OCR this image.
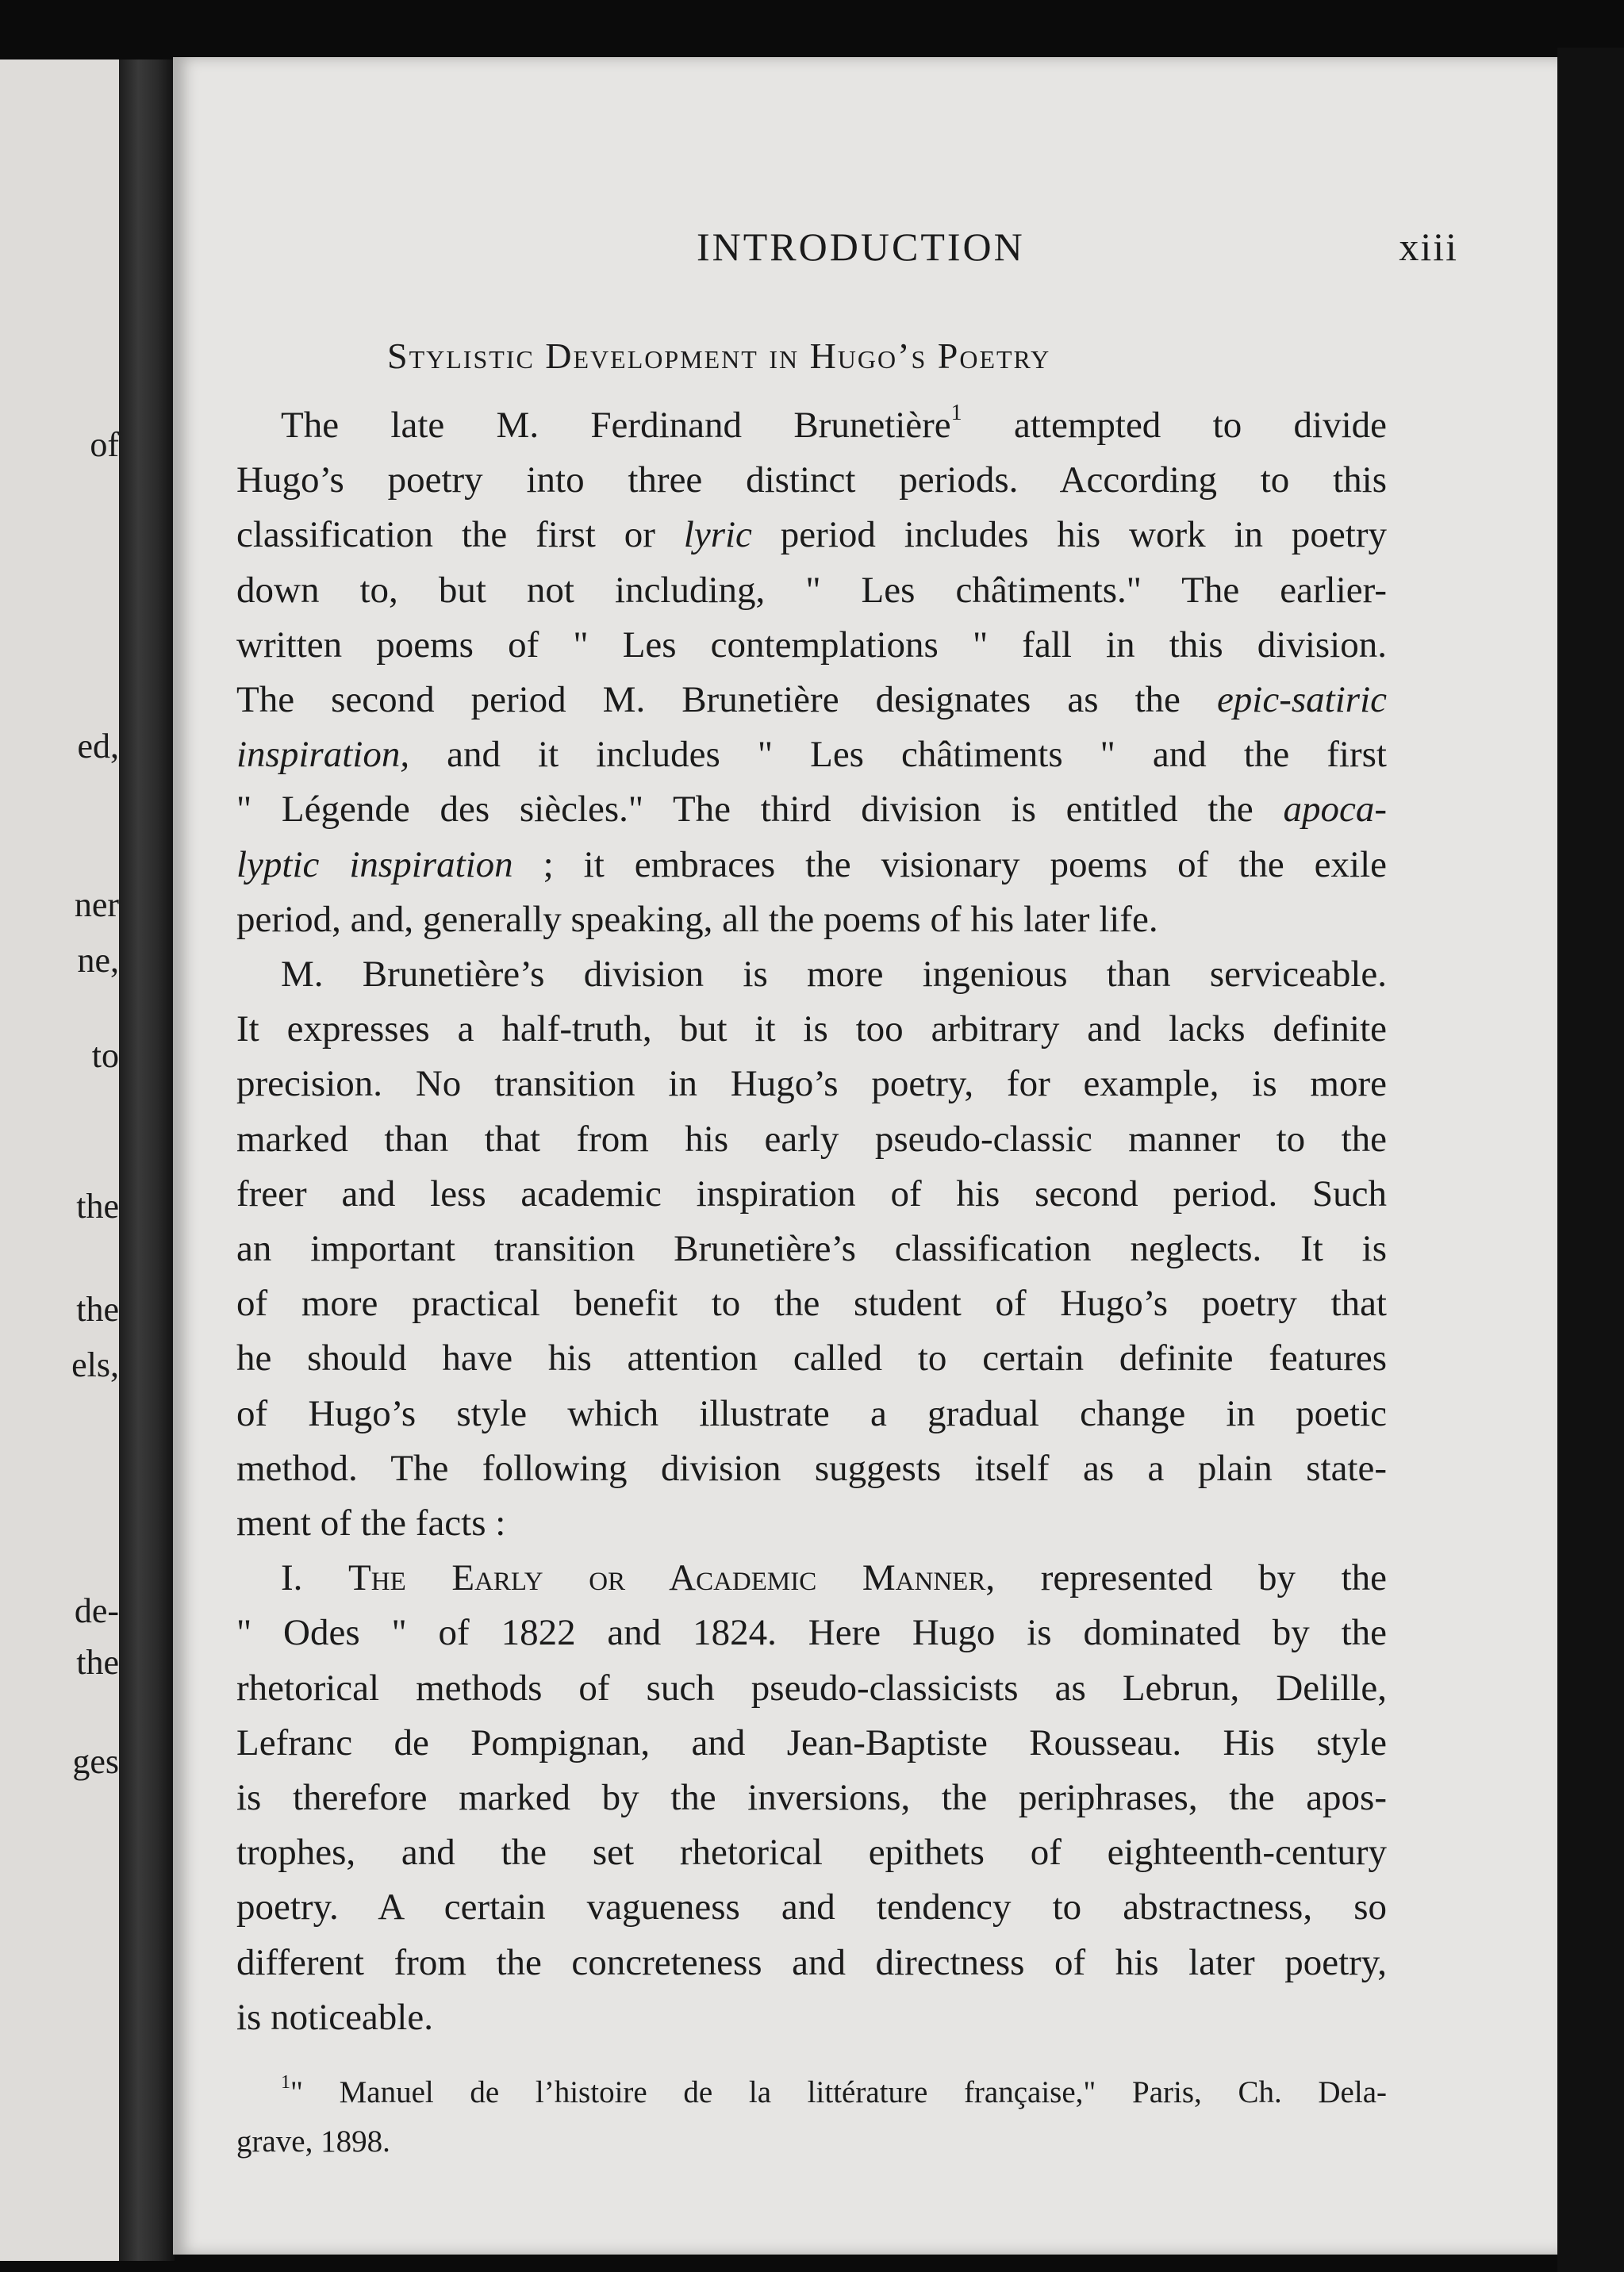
of
ed,
ner
ne,
to
the
the
els,
de-
the
ges
INTRODUCTION	xiii
Stylistic Development in Hugo’s Poetry
The late M. Ferdinand Brunetière$^1$ attempted to divide
Hugo’s poetry into three distinct periods. According to this
classification the first or lyric period includes his work in poetry
down to, but not including, " Les châtiments." The earlier-
written poems of " Les contemplations " fall in this division.
The second period M. Brunetière designates as the epic-satiric
inspiration, and it includes " Les châtiments " and the first
" Légende des siècles." The third division is entitled the apoca-
lyptic inspiration ; it embraces the visionary poems of the exile
period, and, generally speaking, all the poems of his later life.
M. Brunetière’s division is more ingenious than serviceable.
It expresses a half-truth, but it is too arbitrary and lacks definite
precision. No transition in Hugo’s poetry, for example, is more
marked than that from his early pseudo-classic manner to the
freer and less academic inspiration of his second period. Such
an important transition Brunetière’s classification neglects. It is
of more practical benefit to the student of Hugo’s poetry that
he should have his attention called to certain definite features
of Hugo’s style which illustrate a gradual change in poetic
method. The following division suggests itself as a plain state-
ment of the facts :
I. The Early or Academic Manner, represented by the
" Odes " of 1822 and 1824. Here Hugo is dominated by the
rhetorical methods of such pseudo-classicists as Lebrun, Delille,
Lefranc de Pompignan, and Jean-Baptiste Rousseau. His style
is therefore marked by the inversions, the periphrases, the apos-
trophes, and the set rhetorical epithets of eighteenth-century
poetry. A certain vagueness and tendency to abstractness, so
different from the concreteness and directness of his later poetry,
is noticeable.
$^1$" Manuel de l’histoire de la littérature française," Paris, Ch. Dela-
grave, 1898.
